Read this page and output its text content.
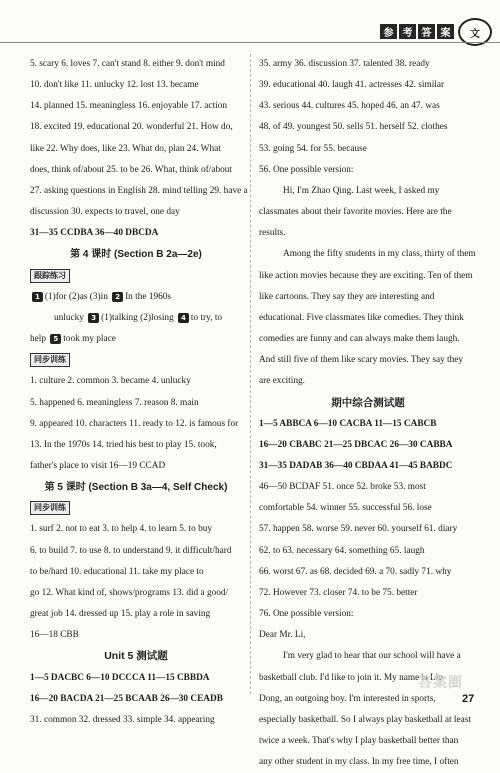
参 考 答 案	文

5. scary 6. loves 7. can't stand 8. either 9. don't mind

10. don't like 11. unlucky 12. lost 13. became

14. planned 15. meaningless 16. enjoyable 17. action

18. excited 19. educational 20. wonderful 21. How do,

like 22. Why does, like 23. What do, plan 24. What

does, think of/about 25. to be 26. What, think of/about

27. asking questions in English 28. mind telling 29. have a

discussion 30. expects to travel, one day

31—35 CCDBA 36—40 DBCDA

第 4 课时 (Section B 2a—2e)

跟踪练习

1 (1)for (2)as (3)in 2 In the 1960s

unlucky 3 (1)talking (2)losing 4 to try, to

help 5 took my place

同步训练

1. culture 2. common 3. became 4. unlucky

5. happened 6. meaningless 7. reason 8. main

9. appeared 10. characters 11. ready to 12. is famous for

13. In the 1970s 14. tried his best to play 15. took,

father's place to visit 16—19 CCAD

第 5 课时 (Section B 3a—4, Self Check)

同步训练

1. surf 2. not to eat 3. to help 4. to learn 5. to buy

6. to build 7. to use 8. to understand 9. it difficult/hard

to be/hard 10. educational 11. take my place to

go 12. What kind of, shows/programs 13. did a good/

great job 14. dressed up 15. play a role in saving

16—18 CBB

Unit 5 测试题

1—5 DACBC 6—10 DCCCA 11—15 CBBDA

16—20 BACDA 21—25 BCAAB 26—30 CEADB

31. common 32. dressed 33. simple 34. appearing

35. army 36. discussion 37. talented 38. ready

39. educational 40. laugh 41. actresses 42. similar

43. serious 44. cultures 45. hoped 46. an 47. was

48. of 49. youngest 50. sells 51. herself 52. clothes

53. going 54. for 55. because

56. One possible version:

Hi, I'm Zhao Qing. Last week, I asked my

classmates about their favorite movies. Here are the

results.

Among the fifty students in my class, thirty of them

like action movies because they are exciting. Ten of them

like cartoons. They say they are interesting and

educational. Five classmates like comedies. They think

comedies are funny and can always make them laugh.

And still five of them like scary movies. They say they

are exciting.

期中综合测试题

1—5 ABBCA 6—10 CACBA 11—15 CABCB

16—20 CBABC 21—25 DBCAC 26—30 CABBA

31—35 DADAB 36—40 CBDAA 41—45 BABDC

46—50 BCDAF 51. once 52. broke 53. most

comfortable 54. winner 55. successful 56. lose

57. happen 58. worse 59. never 60. yourself 61. diary

62. to 63. necessary 64. something 65. laugh

66. worst 67. as 68. decided 69. a 70. sadly 71. why

72. However 73. closer 74. to be 75. better

76. One possible version:

Dear Mr. Li,

I'm very glad to hear that our school will have a

basketball club. I'd like to join it. My name is Liu

Dong, an outgoing boy. I'm interested in sports,

especially basketball. So I always play basketball at least

twice a week. That's why I play basketball better than

any other student in my class. In my free time, I often

答案圈
27
